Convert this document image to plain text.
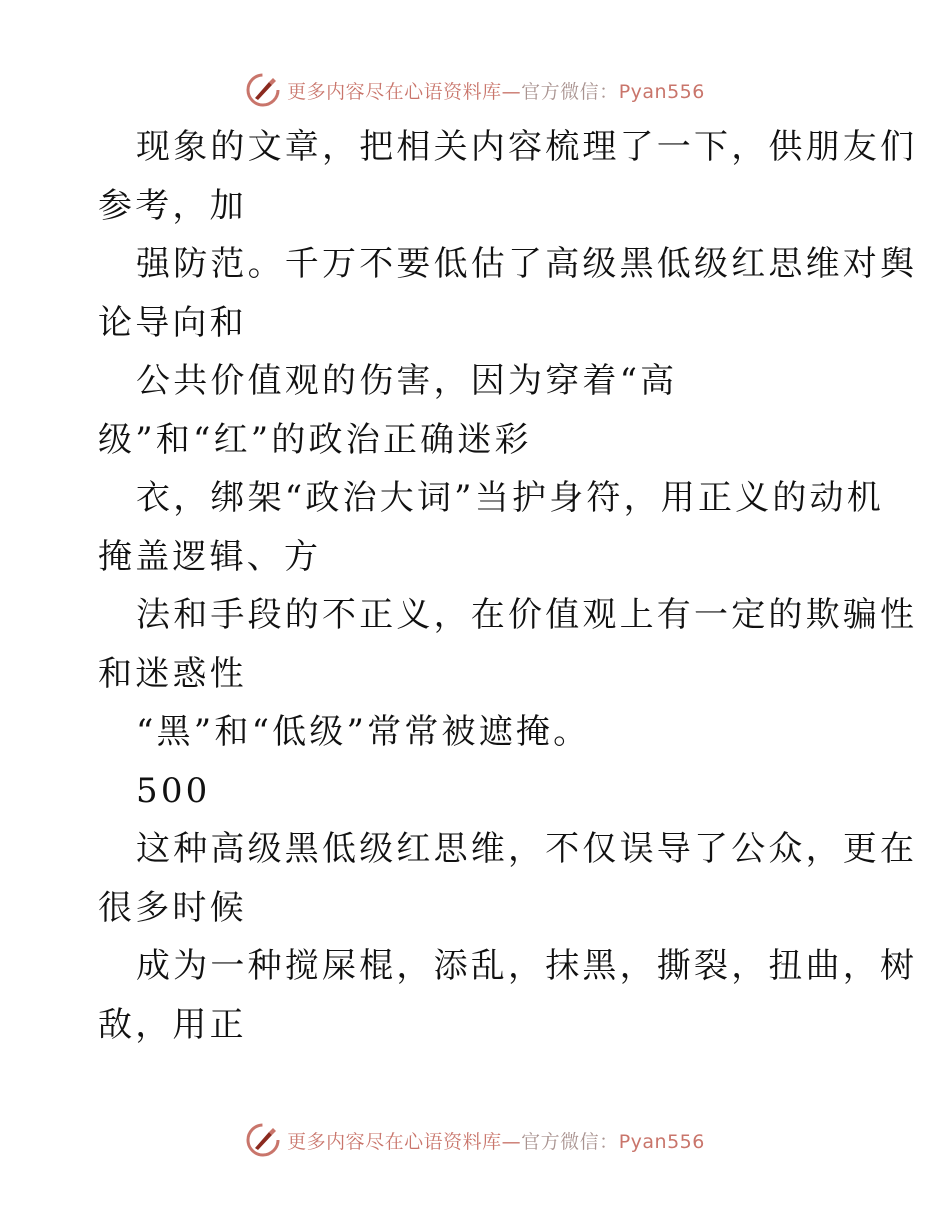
更多内容尽在心语资料库—官方微信：Pyan556
现象的文章，把相关内容梳理了一下，供朋友们
参考，加
强防范。千万不要低估了高级黑低级红思维对舆
论导向和
公共价值观的伤害，因为穿着“高
级”和“红”的政治正确迷彩
衣，绑架“政治大词”当护身符，用正义的动机
掩盖逻辑、方
法和手段的不正义，在价值观上有一定的欺骗性
和迷惑性
“黑”和“低级”常常被遮掩。
500
这种高级黑低级红思维，不仅误导了公众，更在
很多时候
成为一种搅屎棍，添乱，抹黑，撕裂，扭曲，树
敌，用正
更多内容尽在心语资料库—官方微信：Pyan556
